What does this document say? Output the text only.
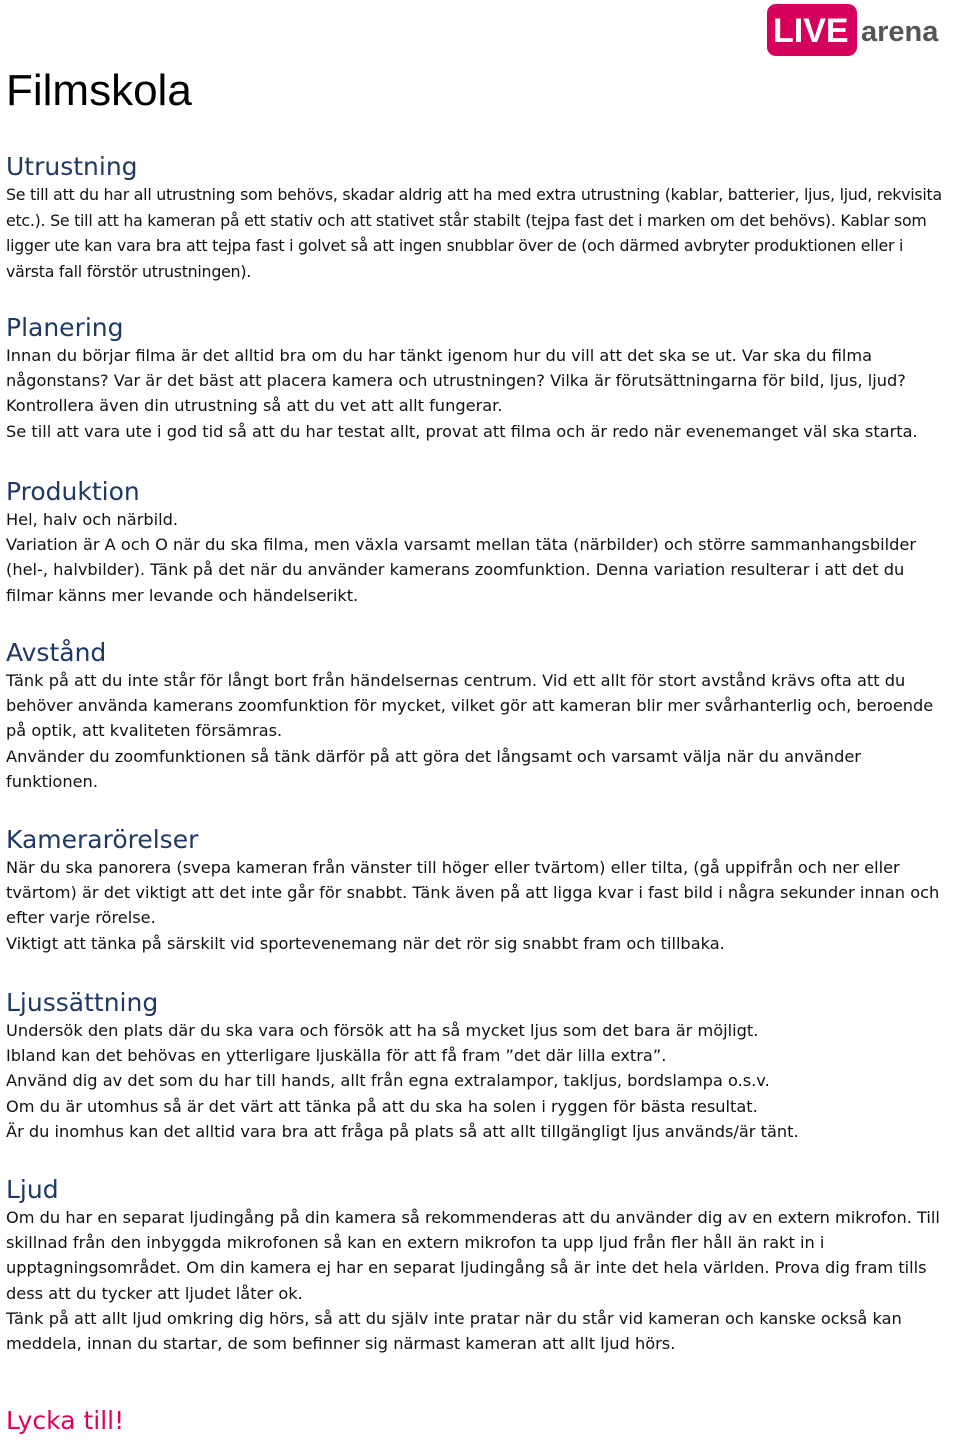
LIVE arena
Filmskola
Utrustning

Se till att du har all utrustning som behövs, skadar aldrig att ha med extra utrustning (kablar, batterier, ljus, ljud, rekvisita etc.). Se till att ha kameran på ett stativ och att stativet står stabilt (tejpa fast det i marken om det behövs). Kablar som ligger ute kan vara bra att tejpa fast i golvet så att ingen snubblar över de (och därmed avbryter produktionen eller i värsta fall förstör utrustningen).

Planering

Innan du börjar filma är det alltid bra om du har tänkt igenom hur du vill att det ska se ut. Var ska du filma någonstans? Var är det bäst att placera kamera och utrustningen? Vilka är förutsättningarna för bild, ljus, ljud? Kontrollera även din utrustning så att du vet att allt fungerar.

Se till att vara ute i god tid så att du har testat allt, provat att filma och är redo när evenemanget väl ska starta.

Produktion

Hel, halv och närbild.

Variation är A och O när du ska filma, men växla varsamt mellan täta (närbilder) och större sammanhangsbilder (hel-, halvbilder). Tänk på det när du använder kamerans zoomfunktion. Denna variation resulterar i att det du filmar känns mer levande och händelserikt.

Avstånd

Tänk på att du inte står för långt bort från händelsernas centrum. Vid ett allt för stort avstånd krävs ofta att du behöver använda kamerans zoomfunktion för mycket, vilket gör att kameran blir mer svårhanterlig och, beroende på optik, att kvaliteten försämras.

Använder du zoomfunktionen så tänk därför på att göra det långsamt och varsamt välja när du använder funktionen.

Kamerarörelser

När du ska panorera (svepa kameran från vänster till höger eller tvärtom) eller tilta, (gå uppifrån och ner eller tvärtom) är det viktigt att det inte går för snabbt. Tänk även på att ligga kvar i fast bild i några sekunder innan och efter varje rörelse.

Viktigt att tänka på särskilt vid sportevenemang när det rör sig snabbt fram och tillbaka.

Ljussättning

Undersök den plats där du ska vara och försök att ha så mycket ljus som det bara är möjligt.

Ibland kan det behövas en ytterligare ljuskälla för att få fram ”det där lilla extra”.

Använd dig av det som du har till hands, allt från egna extralampor, takljus, bordslampa o.s.v.

Om du är utomhus så är det värt att tänka på att du ska ha solen i ryggen för bästa resultat.

Är du inomhus kan det alltid vara bra att fråga på plats så att allt tillgängligt ljus används/är tänt.

Ljud

Om du har en separat ljudingång på din kamera så rekommenderas att du använder dig av en extern mikrofon. Till skillnad från den inbyggda mikrofonen så kan en extern mikrofon ta upp ljud från fler håll än rakt in i upptagningsområdet. Om din kamera ej har en separat ljudingång så är inte det hela världen. Prova dig fram tills dess att du tycker att ljudet låter ok.

Tänk på att allt ljud omkring dig hörs, så att du själv inte pratar när du står vid kameran och kanske också kan meddela, innan du startar, de som befinner sig närmast kameran att allt ljud hörs.

Lycka till!
